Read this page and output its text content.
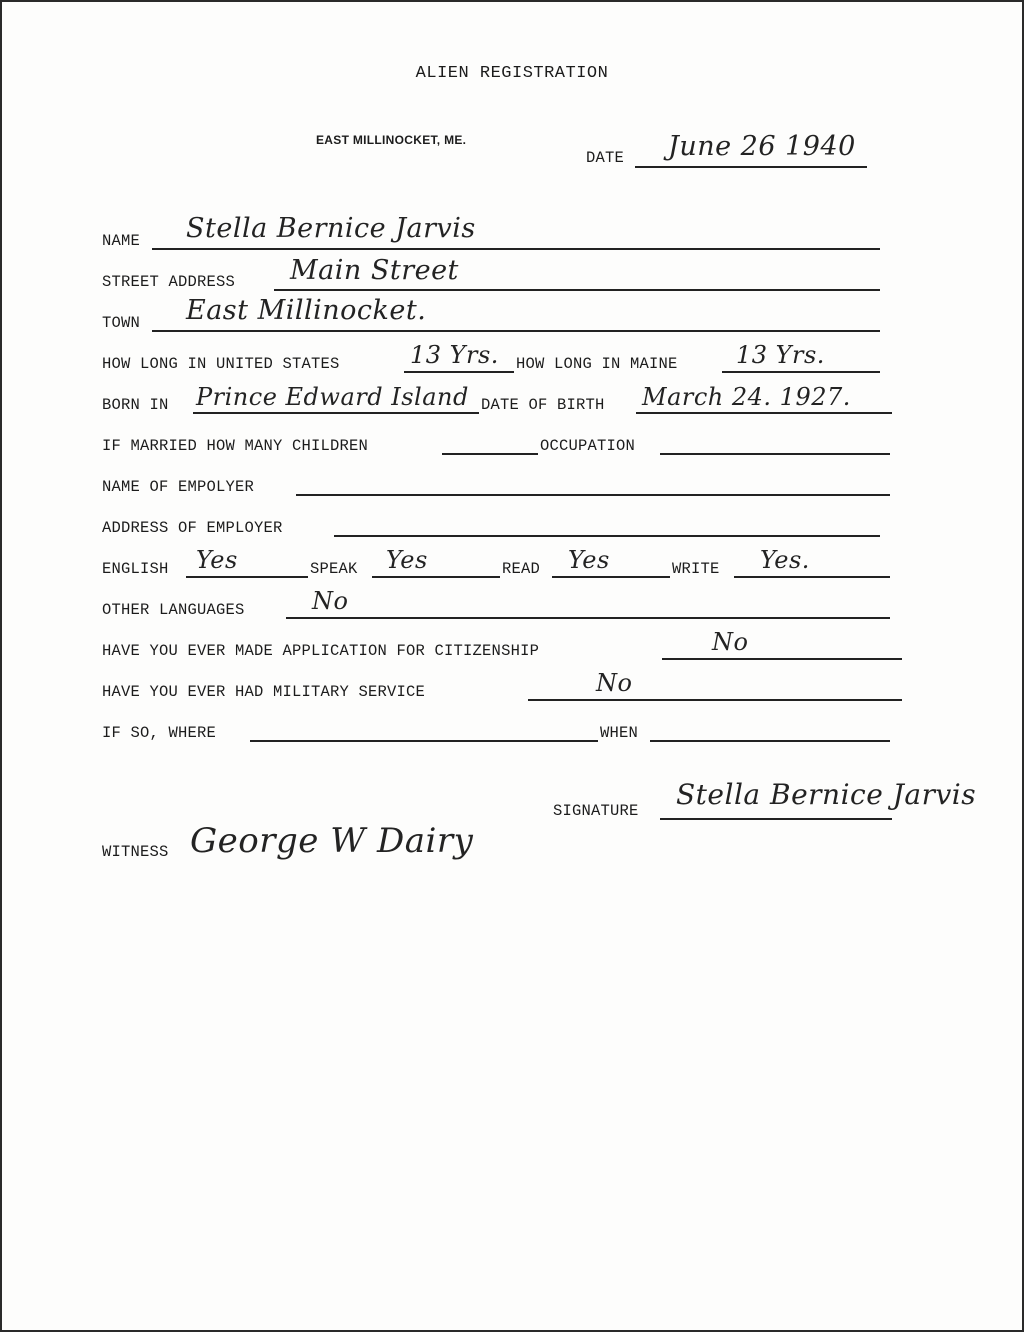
ALIEN REGISTRATION
EAST MILLINOCKET, ME.
DATE June 26 1940
NAME Stella Bernice Jarvis
STREET ADDRESS Main Street
TOWN East Millinocket.
HOW LONG IN UNITED STATES	13 Yrs. HOW LONG IN MAINE 13 Yrs.
BORN IN Prince Edward Island DATE OF BIRTH March 24. 1927.
IF MARRIED HOW MANY CHILDREN	OCCUPATION
NAME OF EMPOLYER
ADDRESS OF EMPLOYER
ENGLISH Yes	SPEAK Yes	READ Yes	WRITE Yes.
OTHER LANGUAGES	No
HAVE YOU EVER MADE APPLICATION FOR CITIZENSHIP	No
HAVE YOU EVER HAD MILITARY SERVICE	No
IF SO, WHERE	WHEN
SIGNATURE Stella Bernice Jarvis
WITNESS George W Dairy
